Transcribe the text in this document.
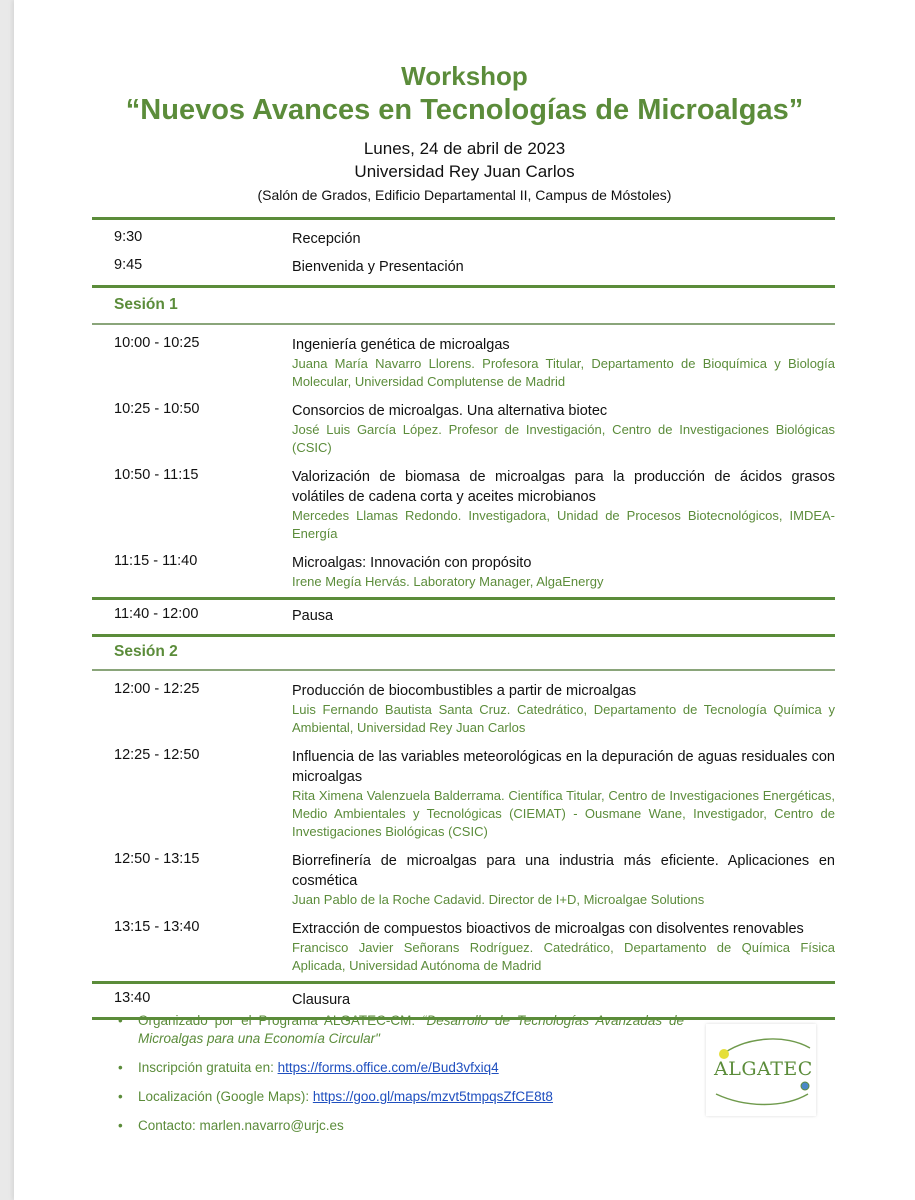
Workshop
“Nuevos Avances en Tecnologías de Microalgas”
Lunes, 24 de abril de 2023
Universidad Rey Juan Carlos
(Salón de Grados, Edificio Departamental II, Campus de Móstoles)
9:30	Recepción
9:45	Bienvenida y Presentación
Sesión 1
10:00 - 10:25	Ingeniería genética de microalgas
Juana María Navarro Llorens. Profesora Titular, Departamento de Bioquímica y Biología Molecular, Universidad Complutense de Madrid
10:25 - 10:50	Consorcios de microalgas. Una alternativa biotec
José Luis García López. Profesor de Investigación, Centro de Investigaciones Biológicas (CSIC)
10:50 - 11:15	Valorización de biomasa de microalgas para la producción de ácidos grasos volátiles de cadena corta y aceites microbianos
Mercedes Llamas Redondo. Investigadora, Unidad de Procesos Biotecnológicos, IMDEA-Energía
11:15 - 11:40	Microalgas: Innovación con propósito
Irene Megía Hervás. Laboratory Manager, AlgaEnergy
11:40 - 12:00	Pausa
Sesión 2
12:00 - 12:25	Producción de biocombustibles a partir de microalgas
Luis Fernando Bautista Santa Cruz. Catedrático, Departamento de Tecnología Química y Ambiental, Universidad Rey Juan Carlos
12:25 - 12:50	Influencia de las variables meteorológicas en la depuración de aguas residuales con microalgas
Rita Ximena Valenzuela Balderrama. Científica Titular, Centro de Investigaciones Energéticas, Medio Ambientales y Tecnológicas (CIEMAT) - Ousmane Wane, Investigador, Centro de Investigaciones Biológicas (CSIC)
12:50 - 13:15	Biorrefinería de microalgas para una industria más eficiente. Aplicaciones en cosmética
Juan Pablo de la Roche Cadavid. Director de I+D, Microalgae Solutions
13:15 - 13:40	Extracción de compuestos bioactivos de microalgas con disolventes renovables
Francisco Javier Señorans Rodríguez. Catedrático, Departamento de Química Física Aplicada, Universidad Autónoma de Madrid
13:40	Clausura
• Organizado por el Programa ALGATEC-CM: “Desarrollo de Tecnologías Avanzadas de Microalgas para una Economía Circular"
• Inscripción gratuita en: https://forms.office.com/e/Bud3vfxiq4
• Localización (Google Maps): https://goo.gl/maps/mzvt5tmpqsZfCE8t8
• Contacto: marlen.navarro@urjc.es
ALGATEC
